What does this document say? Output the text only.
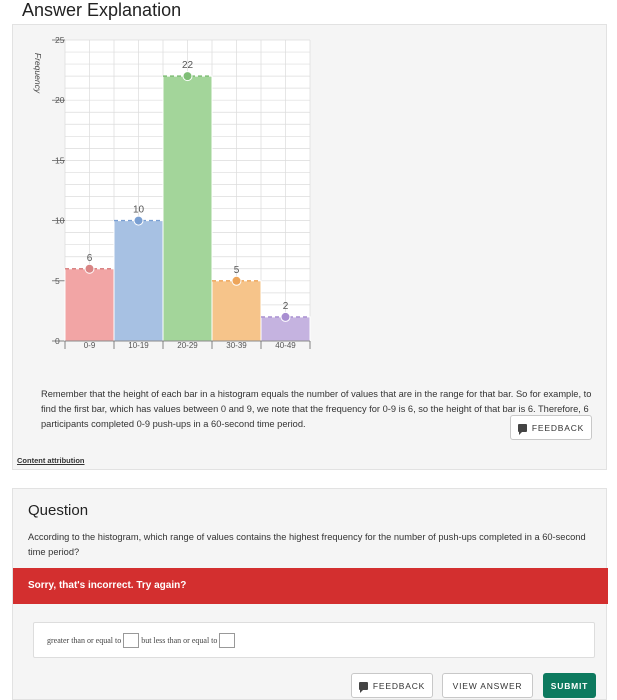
Answer Explanation
0
5
10
15
20
25
Frequency
6
10
22
5
2
0-9	10-19	20-29	30-39	40-49
Remember that the height of each bar in a histogram equals the number of values that are in the range for that bar. So for example, to find the first bar, which has values between 0 and 9, we note that the frequency for 0-9 is 6, so the height of that bar is 6. Therefore, 6 participants completed 0-9 push-ups in a 60-second time period.	FEEDBACK
Content attribution
Question
According to the histogram, which range of values contains the highest frequency for the number of push-ups completed in a 60-second time period?
Sorry, that's incorrect. Try again?
greater than or equal to	but less than or equal to
FEEDBACK	VIEW ANSWER	SUBMIT
